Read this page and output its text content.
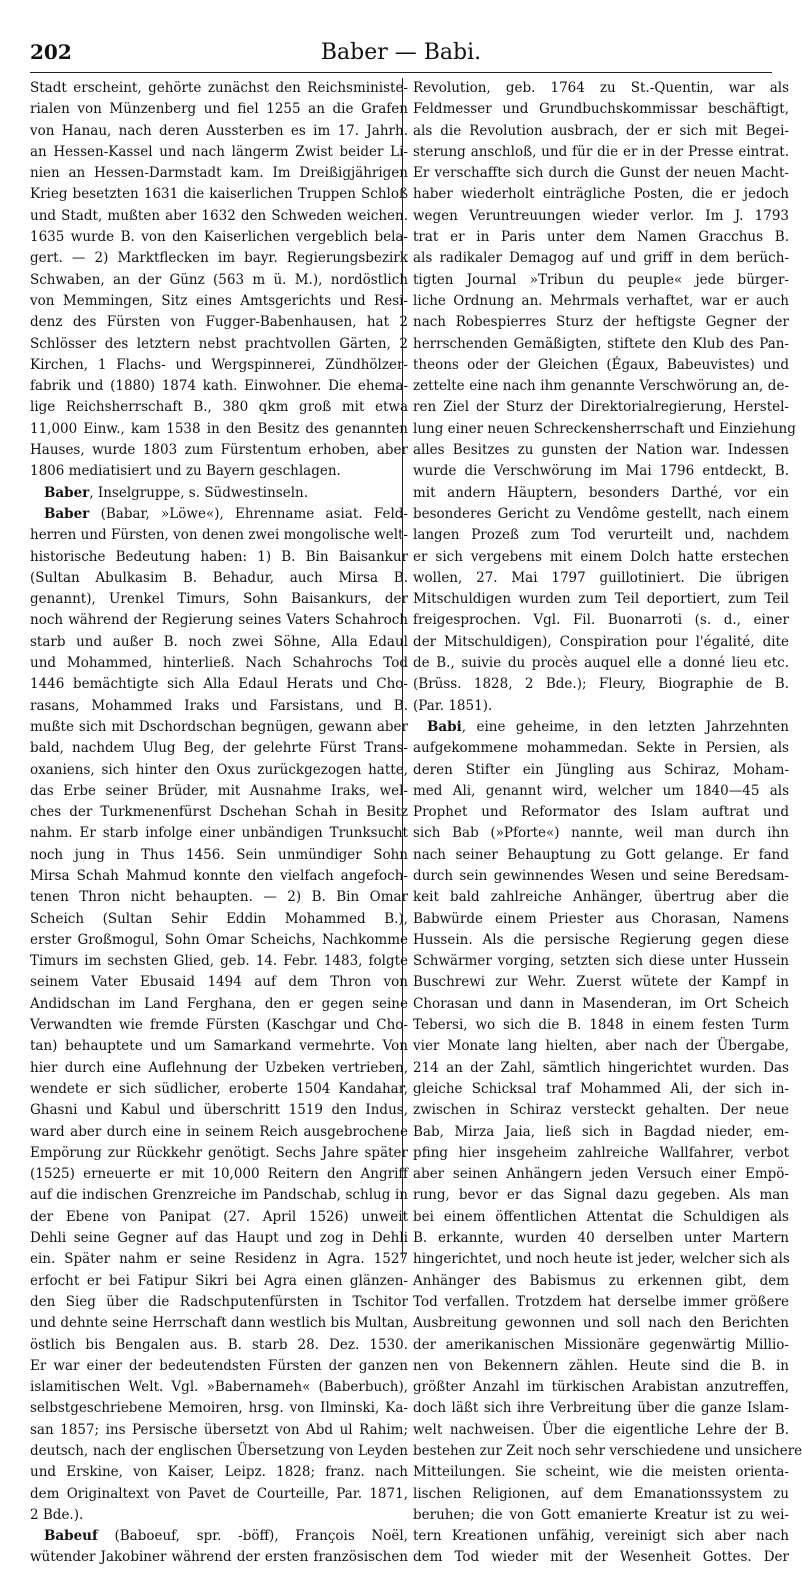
202	Baber — Babi.
Stadt erscheint, gehörte zunächst den Reichsministe-
rialen von Münzenberg und fiel 1255 an die Grafen
von Hanau, nach deren Aussterben es im 17. Jahrh.
an Hessen-Kassel und nach längerm Zwist beider Li-
nien an Hessen-Darmstadt kam. Im Dreißigjährigen
Krieg besetzten 1631 die kaiserlichen Truppen Schloß
und Stadt, mußten aber 1632 den Schweden weichen.
1635 wurde B. von den Kaiserlichen vergeblich bela-
gert. — 2) Marktflecken im bayr. Regierungsbezirk
Schwaben, an der Günz (563 m ü. M.), nordöstlich
von Memmingen, Sitz eines Amtsgerichts und Resi-
denz des Fürsten von Fugger-Babenhausen, hat 2
Schlösser des letztern nebst prachtvollen Gärten, 2
Kirchen, 1 Flachs- und Wergspinnerei, Zündhölzer-
fabrik und (1880) 1874 kath. Einwohner. Die ehema-
lige Reichsherrschaft B., 380 qkm groß mit etwa
11,000 Einw., kam 1538 in den Besitz des genannten
Hauses, wurde 1803 zum Fürstentum erhoben, aber
1806 mediatisiert und zu Bayern geschlagen.
Baber, Inselgruppe, s. Südwestinseln.
Baber (Babar, »Löwe«), Ehrenname asiat. Feld-
herren und Fürsten, von denen zwei mongolische welt-
historische Bedeutung haben: 1) B. Bin Baisankur
(Sultan Abulkasim B. Behadur, auch Mirsa B.
genannt), Urenkel Timurs, Sohn Baisankurs, der
noch während der Regierung seines Vaters Schahroch
starb und außer B. noch zwei Söhne, Alla Edaul
und Mohammed, hinterließ. Nach Schahrochs Tod
1446 bemächtigte sich Alla Edaul Herats und Cho-
rasans, Mohammed Iraks und Farsistans, und B.
mußte sich mit Dschordschan begnügen, gewann aber
bald, nachdem Ulug Beg, der gelehrte Fürst Trans-
oxaniens, sich hinter den Oxus zurückgezogen hatte,
das Erbe seiner Brüder, mit Ausnahme Iraks, wel-
ches der Turkmenenfürst Dschehan Schah in Besitz
nahm. Er starb infolge einer unbändigen Trunksucht
noch jung in Thus 1456. Sein unmündiger Sohn
Mirsa Schah Mahmud konnte den vielfach angefoch-
tenen Thron nicht behaupten. — 2) B. Bin Omar
Scheich (Sultan Sehir Eddin Mohammed B.),
erster Großmogul, Sohn Omar Scheichs, Nachkomme
Timurs im sechsten Glied, geb. 14. Febr. 1483, folgte
seinem Vater Ebusaid 1494 auf dem Thron von
Andidschan im Land Ferghana, den er gegen seine
Verwandten wie fremde Fürsten (Kaschgar und Cho-
tan) behauptete und um Samarkand vermehrte. Von
hier durch eine Auflehnung der Uzbeken vertrieben,
wendete er sich südlicher, eroberte 1504 Kandahar,
Ghasni und Kabul und überschritt 1519 den Indus,
ward aber durch eine in seinem Reich ausgebrochene
Empörung zur Rückkehr genötigt. Sechs Jahre später
(1525) erneuerte er mit 10,000 Reitern den Angriff
auf die indischen Grenzreiche im Pandschab, schlug in
der Ebene von Panipat (27. April 1526) unweit
Dehli seine Gegner auf das Haupt und zog in Dehli
ein. Später nahm er seine Residenz in Agra. 1527
erfocht er bei Fatipur Sikri bei Agra einen glänzen-
den Sieg über die Radschputenfürsten in Tschitor
und dehnte seine Herrschaft dann westlich bis Multan,
östlich bis Bengalen aus. B. starb 28. Dez. 1530.
Er war einer der bedeutendsten Fürsten der ganzen
islamitischen Welt. Vgl. »Babernameh« (Baberbuch),
selbstgeschriebene Memoiren, hrsg. von Ilminski, Ka-
san 1857; ins Persische übersetzt von Abd ul Rahim;
deutsch, nach der englischen Übersetzung von Leyden
und Erskine, von Kaiser, Leipz. 1828; franz. nach
dem Originaltext von Pavet de Courteille, Par. 1871,
2 Bde.).
Babeuf (Baboeuf, spr. -böff), François Noël,
wütender Jakobiner während der ersten französischen
Revolution, geb. 1764 zu St.-Quentin, war als
Feldmesser und Grundbuchskommissar beschäftigt,
als die Revolution ausbrach, der er sich mit Begei-
sterung anschloß, und für die er in der Presse eintrat.
Er verschaffte sich durch die Gunst der neuen Macht-
haber wiederholt einträgliche Posten, die er jedoch
wegen Veruntreuungen wieder verlor. Im J. 1793
trat er in Paris unter dem Namen Gracchus B.
als radikaler Demagog auf und griff in dem berüch-
tigten Journal »Tribun du peuple« jede bürger-
liche Ordnung an. Mehrmals verhaftet, war er auch
nach Robespierres Sturz der heftigste Gegner der
herrschenden Gemäßigten, stiftete den Klub des Pan-
theons oder der Gleichen (Égaux, Babeuvistes) und
zettelte eine nach ihm genannte Verschwörung an, de-
ren Ziel der Sturz der Direktorialregierung, Herstel-
lung einer neuen Schreckensherrschaft und Einziehung
alles Besitzes zu gunsten der Nation war. Indessen
wurde die Verschwörung im Mai 1796 entdeckt, B.
mit andern Häuptern, besonders Darthé, vor ein
besonderes Gericht zu Vendôme gestellt, nach einem
langen Prozeß zum Tod verurteilt und, nachdem
er sich vergebens mit einem Dolch hatte erstechen
wollen, 27. Mai 1797 guillotiniert. Die übrigen
Mitschuldigen wurden zum Teil deportiert, zum Teil
freigesprochen. Vgl. Fil. Buonarroti (s. d., einer
der Mitschuldigen), Conspiration pour l'égalité, dite
de B., suivie du procès auquel elle a donné lieu etc.
(Brüss. 1828, 2 Bde.); Fleury, Biographie de B.
(Par. 1851).
Babi, eine geheime, in den letzten Jahrzehnten
aufgekommene mohammedan. Sekte in Persien, als
deren Stifter ein Jüngling aus Schiraz, Moham-
med Ali, genannt wird, welcher um 1840—45 als
Prophet und Reformator des Islam auftrat und
sich Bab (»Pforte«) nannte, weil man durch ihn
nach seiner Behauptung zu Gott gelange. Er fand
durch sein gewinnendes Wesen und seine Beredsam-
keit bald zahlreiche Anhänger, übertrug aber die
Babwürde einem Priester aus Chorasan, Namens
Hussein. Als die persische Regierung gegen diese
Schwärmer vorging, setzten sich diese unter Hussein
Buschrewi zur Wehr. Zuerst wütete der Kampf in
Chorasan und dann in Masenderan, im Ort Scheich
Tebersi, wo sich die B. 1848 in einem festen Turm
vier Monate lang hielten, aber nach der Übergabe,
214 an der Zahl, sämtlich hingerichtet wurden. Das
gleiche Schicksal traf Mohammed Ali, der sich in-
zwischen in Schiraz versteckt gehalten. Der neue
Bab, Mirza Jaia, ließ sich in Bagdad nieder, em-
pfing hier insgeheim zahlreiche Wallfahrer, verbot
aber seinen Anhängern jeden Versuch einer Empö-
rung, bevor er das Signal dazu gegeben. Als man
bei einem öffentlichen Attentat die Schuldigen als
B. erkannte, wurden 40 derselben unter Martern
hingerichtet, und noch heute ist jeder, welcher sich als
Anhänger des Babismus zu erkennen gibt, dem
Tod verfallen. Trotzdem hat derselbe immer größere
Ausbreitung gewonnen und soll nach den Berichten
der amerikanischen Missionäre gegenwärtig Millio-
nen von Bekennern zählen. Heute sind die B. in
größter Anzahl im türkischen Arabistan anzutreffen,
doch läßt sich ihre Verbreitung über die ganze Islam-
welt nachweisen. Über die eigentliche Lehre der B.
bestehen zur Zeit noch sehr verschiedene und unsichere
Mitteilungen. Sie scheint, wie die meisten orienta-
lischen Religionen, auf dem Emanationssystem zu
beruhen; die von Gott emanierte Kreatur ist zu wei-
tern Kreationen unfähig, vereinigt sich aber nach
dem Tod wieder mit der Wesenheit Gottes. Der
